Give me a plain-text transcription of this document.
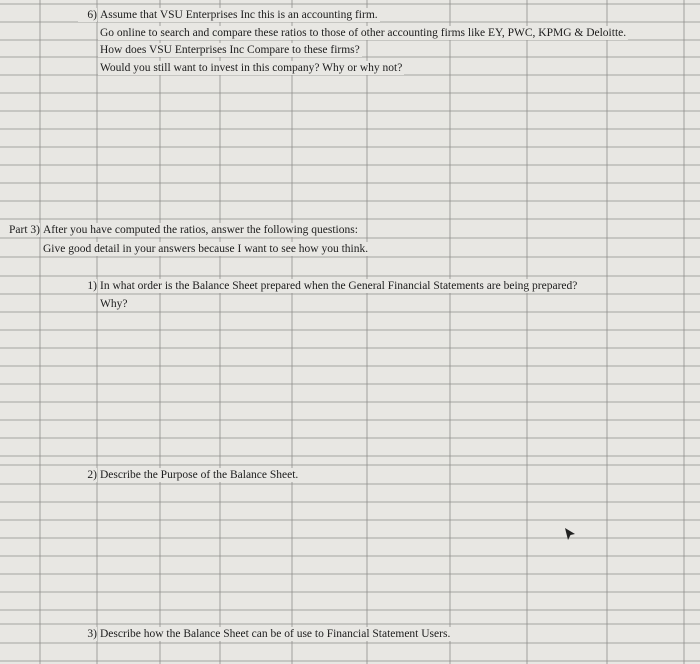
6) Assume that VSU Enterprises Inc this is an accounting firm.
Go online to search and compare these ratios to those of other accounting firms like EY, PWC, KPMG & Deloitte.
How does VSU Enterprises Inc Compare to these firms?
Would you still want to invest in this company? Why or why not?
Part 3) After you have computed the ratios, answer the following questions:
Give good detail in your answers because I want to see how you think.
1) In what order is the Balance Sheet prepared when the General Financial Statements are being prepared?
Why?
2) Describe the Purpose of the Balance Sheet.
3) Describe how the Balance Sheet can be of use to Financial Statement Users.
